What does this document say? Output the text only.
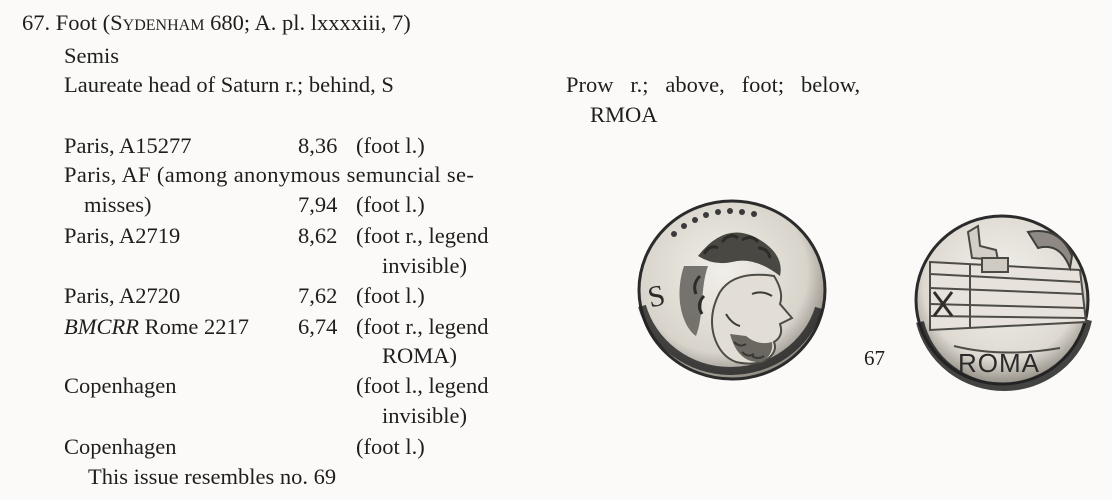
67. Foot (Sydenham 680; A. pl. lxxxxiii, 7)
Semis
Laureate head of Saturn r.; behind, S	Prow   r.;   above,   foot;   below,
RMOA
Paris, A15277	8,36 (foot l.)
Paris, AF (among anonymous semuncial se-
misses)	7,94 (foot l.)
Paris, A2719	8,62 (foot r., legend
invisible)
Paris, A2720	7,62 (foot l.)
BMCRR Rome 2217 6,74 (foot r., legend
ROMA)
Copenhagen	(foot l., legend
invisible)
Copenhagen	(foot l.)
This issue resembles no. 69
67
S
ROMA
